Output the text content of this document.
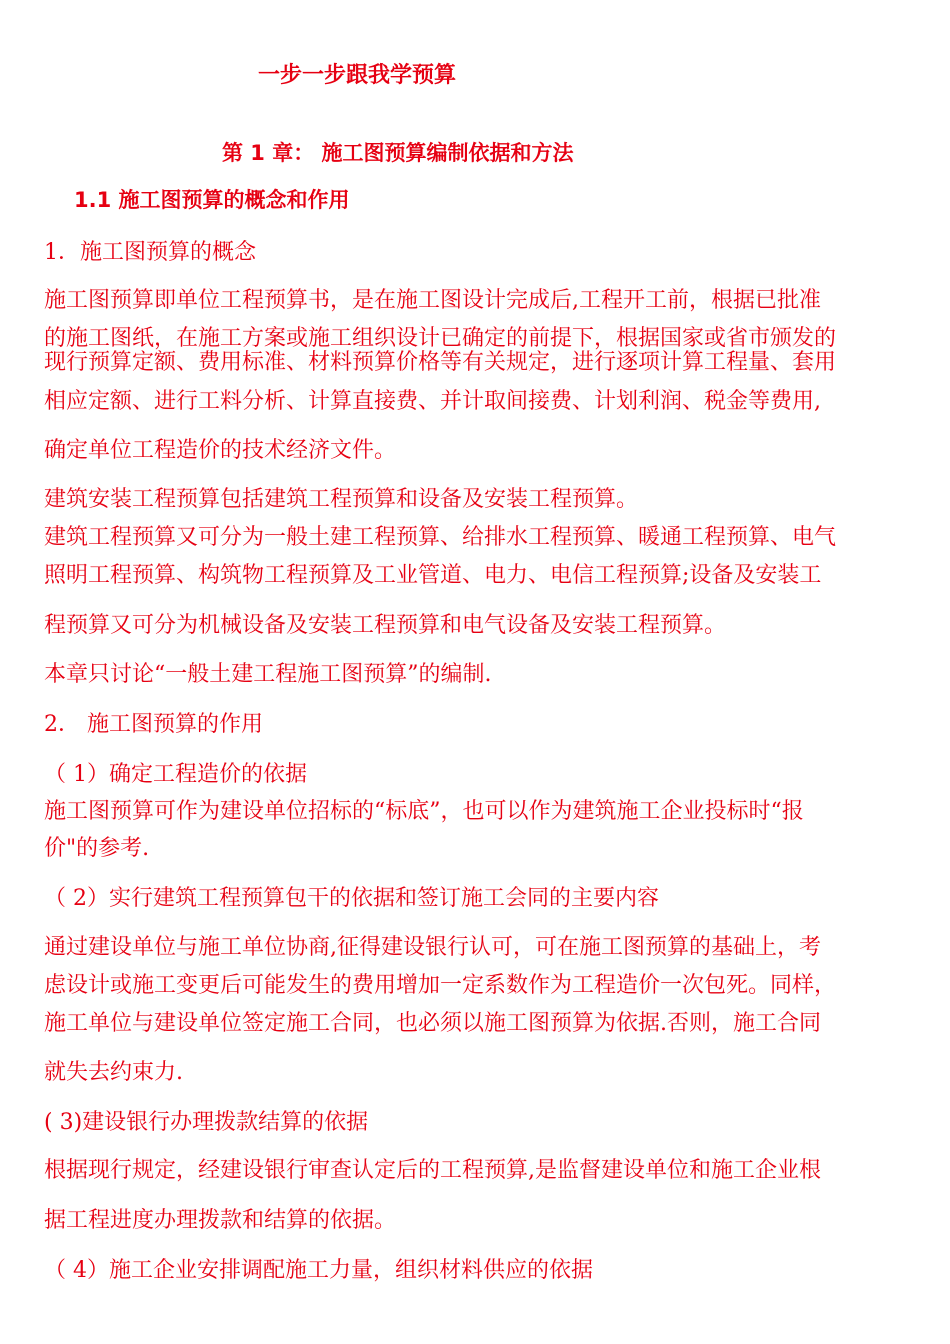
一步一步跟我学预算
第 1 章： 施工图预算编制依据和方法
1.1 施工图预算的概念和作用
1．施工图预算的概念
施工图预算即单位工程预算书，是在施工图设计完成后,工程开工前，根据已批准
的施工图纸，在施工方案或施工组织设计已确定的前提下，根据国家或省市颁发的
现行预算定额、费用标准、材料预算价格等有关规定，进行逐项计算工程量、套用
相应定额、进行工料分析、计算直接费、并计取间接费、计划利润、税金等费用,
确定单位工程造价的技术经济文件。
建筑安装工程预算包括建筑工程预算和设备及安装工程预算。
建筑工程预算又可分为一般土建工程预算、给排水工程预算、暖通工程预算、电气
照明工程预算、构筑物工程预算及工业管道、电力、电信工程预算;设备及安装工
程预算又可分为机械设备及安装工程预算和电气设备及安装工程预算。
本章只讨论“一般土建工程施工图预算”的编制.
2． 施工图预算的作用
（ 1）确定工程造价的依据
施工图预算可作为建设单位招标的“标底”，也可以作为建筑施工企业投标时“报
价"的参考.
（ 2）实行建筑工程预算包干的依据和签订施工会同的主要内容
通过建设单位与施工单位协商,征得建设银行认可，可在施工图预算的基础上，考
虑设计或施工变更后可能发生的费用增加一定系数作为工程造价一次包死。同样，
施工单位与建设单位签定施工合同，也必须以施工图预算为依据.否则，施工合同
就失去约束力.
( 3)建设银行办理拨款结算的依据
根据现行规定，经建设银行审查认定后的工程预算,是监督建设单位和施工企业根
据工程进度办理拨款和结算的依据。
（ 4）施工企业安排调配施工力量，组织材料供应的依据
